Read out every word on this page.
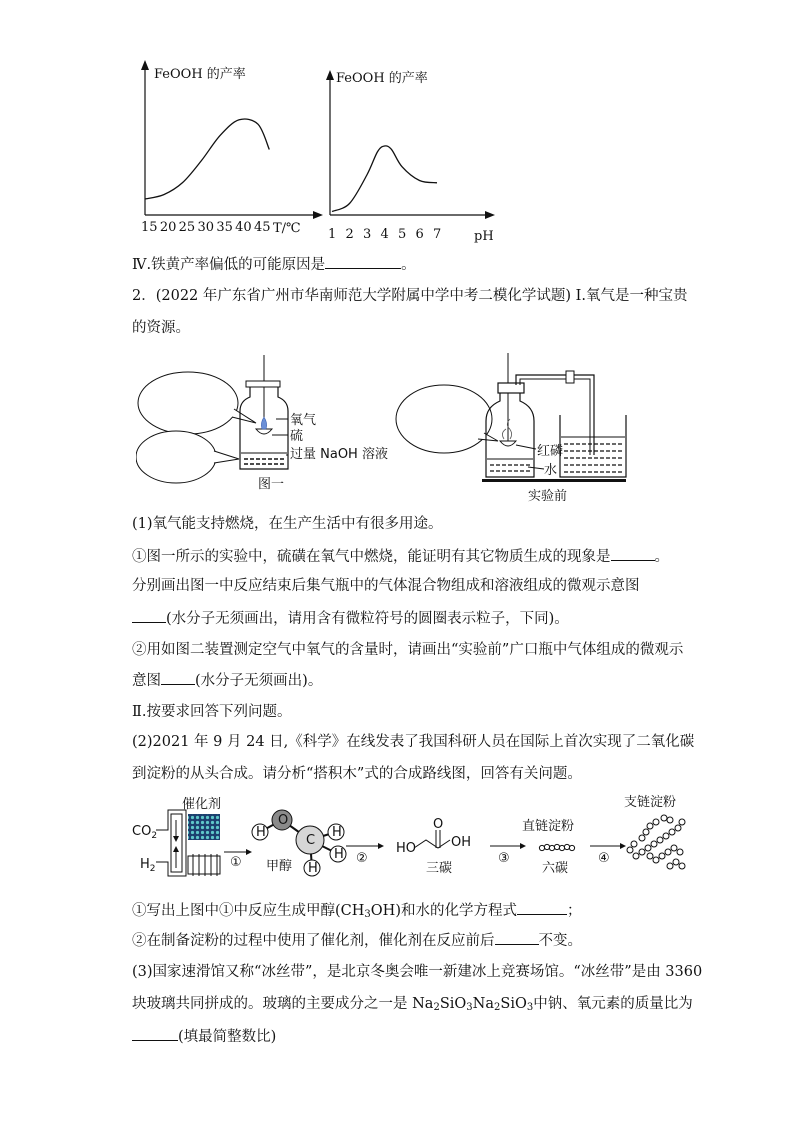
FeOOH 的产率
15 20 25 30 35 40 45 T/℃
FeOOH 的产率
1 2 3 4 5 6 7	pH
Ⅳ.铁黄产率偏低的可能原因是	。
2．(2022 年广东省广州市华南师范大学附属中学中考二模化学试题) I.氧气是一种宝贵
的资源。
氧气
硫
过量 NaOH 溶液
图一
红磷
水
实验前
(1)氧气能支持燃烧，在生产生活中有很多用途。
①图一所示的实验中，硫磺在氧气中燃烧，能证明有其它物质生成的现象是	。
分别画出图一中反应结束后集气瓶中的气体混合物组成和溶液组成的微观示意图
(水分子无须画出，请用含有微粒符号的圆圈表示粒子，下同)。
②用如图二装置测定空气中氧气的含量时，请画出“实验前”广口瓶中气体组成的微观示
意图 (水分子无须画出)。
Ⅱ.按要求回答下列问题。
(2)2021 年 9 月 24 日,《科学》在线发表了我国科研人员在国际上首次实现了二氧化碳
到淀粉的从头合成。请分析“搭积木”式的合成路线图，回答有关问题。
催化剂
$CO_2$
$H_2$	①
H
O
C
H
H
H
甲醇
②
HO
O
OH
三碳
③
直链淀粉
六碳
④
支链淀粉
①写出上图中①中反应生成甲醇$(CH_3OH)$和水的化学方程式	；
②在制备淀粉的过程中使用了催化剂，催化剂在反应前后	不变。
(3)国家速滑馆又称“冰丝带”，是北京冬奥会唯一新建冰上竞赛场馆。“冰丝带”是由 3360
块玻璃共同拼成的。玻璃的主要成分之一是 $Na_2SiO_3Na_2SiO_3$中钠、氧元素的质量比为
(填最简整数比)
